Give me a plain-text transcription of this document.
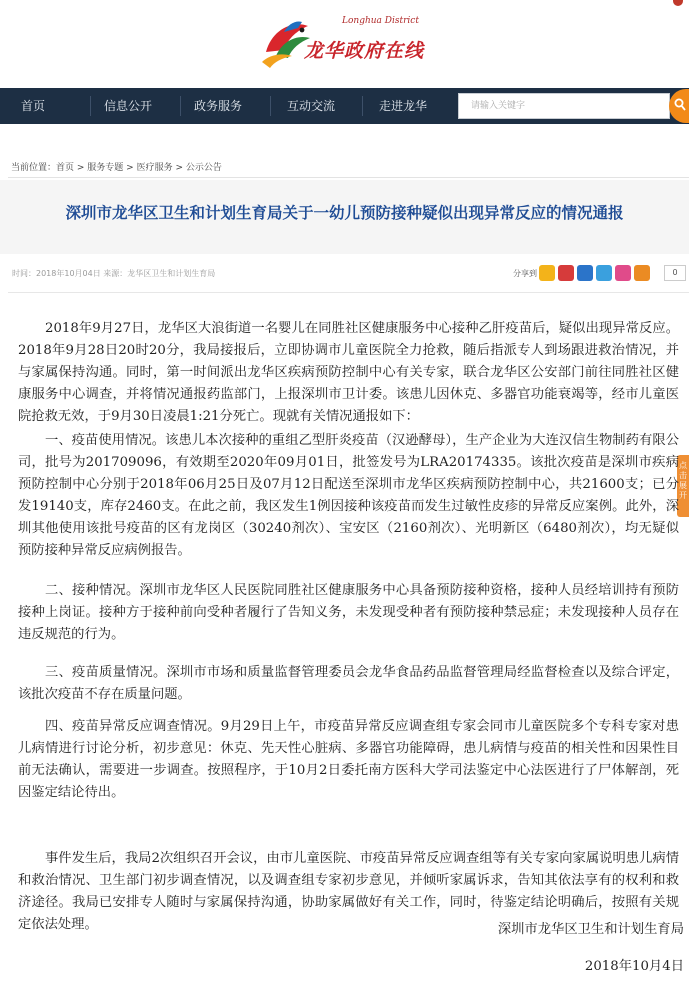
Longhua District
龙华政府在线
首页	信息公开	政务服务	互动交流	走进龙华	请输入关键字
当前位置：首页 > 服务专题 > 医疗服务 > 公示公告
深圳市龙华区卫生和计划生育局关于一幼儿预防接种疑似出现异常反应的情况通报
时间：2018年10月04日 来源：龙华区卫生和计划生育局	分享到	0
点击展开

2018年9月27日，龙华区大浪街道一名婴儿在同胜社区健康服务中心接种乙肝疫苗后，疑似出现异常反应。2018年9月28日20时20分，我局接报后，立即协调市儿童医院全力抢救，随后指派专人到场跟进救治情况，并与家属保持沟通。同时，第一时间派出龙华区疾病预防控制中心有关专家，联合龙华区公安部门前往同胜社区健康服务中心调查，并将情况通报药监部门，上报深圳市卫计委。该患儿因休克、多器官功能衰竭等，经市儿童医院抢救无效，于9月30日凌晨1:21分死亡。现就有关情况通报如下：

一、疫苗使用情况。该患儿本次接种的重组乙型肝炎疫苗（汉逊酵母），生产企业为大连汉信生物制药有限公司，批号为201709096，有效期至2020年09月01日，批签发号为LRA20174335。该批次疫苗是深圳市疾病预防控制中心分别于2018年06月25日及07月12日配送至深圳市龙华区疾病预防控制中心，共21600支；已分发19140支，库存2460支。在此之前，我区发生1例因接种该疫苗而发生过敏性皮疹的异常反应案例。此外，深圳其他使用该批号疫苗的区有龙岗区（30240剂次）、宝安区（2160剂次）、光明新区（6480剂次），均无疑似预防接种异常反应病例报告。

二、接种情况。深圳市龙华区人民医院同胜社区健康服务中心具备预防接种资格，接种人员经培训持有预防接种上岗证。接种方于接种前向受种者履行了告知义务，未发现受种者有预防接种禁忌症；未发现接种人员存在违反规范的行为。

三、疫苗质量情况。深圳市市场和质量监督管理委员会龙华食品药品监督管理局经监督检查以及综合评定，该批次疫苗不存在质量问题。

四、疫苗异常反应调查情况。9月29日上午，市疫苗异常反应调查组专家会同市儿童医院多个专科专家对患儿病情进行讨论分析，初步意见：休克、先天性心脏病、多器官功能障碍，患儿病情与疫苗的相关性和因果性目前无法确认，需要进一步调查。按照程序，于10月2日委托南方医科大学司法鉴定中心法医进行了尸体解剖，死因鉴定结论待出。

事件发生后，我局2次组织召开会议，由市儿童医院、市疫苗异常反应调查组等有关专家向家属说明患儿病情和救治情况、卫生部门初步调查情况，以及调查组专家初步意见，并倾听家属诉求，告知其依法享有的权利和救济途径。我局已安排专人随时与家属保持沟通，协助家属做好有关工作，同时，待鉴定结论明确后，按照有关规定依法处理。	深圳市龙华区卫生和计划生育局
2018年10月4日
